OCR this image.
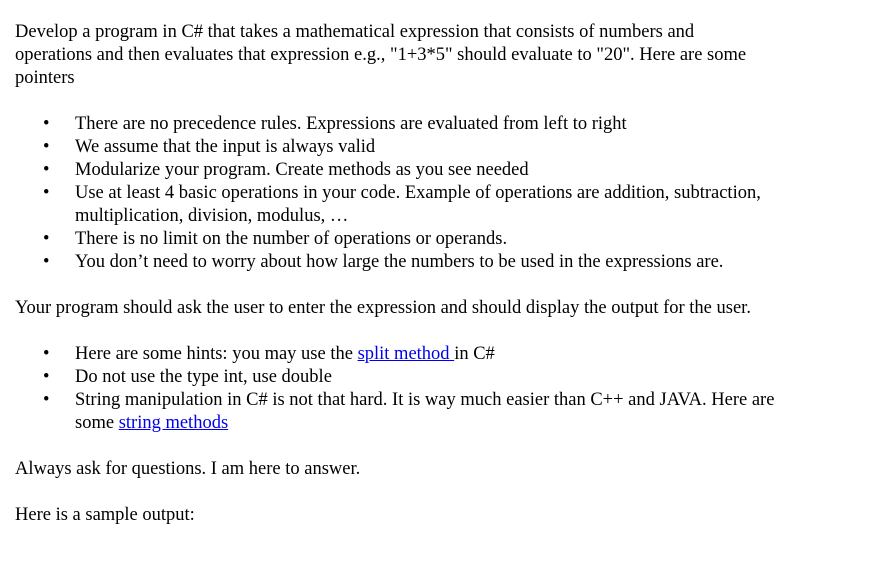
Develop a program in C# that takes a mathematical expression that consists of numbers and operations and then evaluates that expression e.g., "1+3*5" should evaluate to "20". Here are some pointers

• There are no precedence rules. Expressions are evaluated from left to right
• We assume that the input is always valid
• Modularize your program. Create methods as you see needed
• Use at least 4 basic operations in your code. Example of operations are addition, subtraction, multiplication, division, modulus, …
• There is no limit on the number of operations or operands.
• You don’t need to worry about how large the numbers to be used in the expressions are.

Your program should ask the user to enter the expression and should display the output for the user.

• Here are some hints: you may use the split method in C#
• Do not use the type int, use double
• String manipulation in C# is not that hard. It is way much easier than C++ and JAVA. Here are some string methods

Always ask for questions. I am here to answer.

Here is a sample output:
